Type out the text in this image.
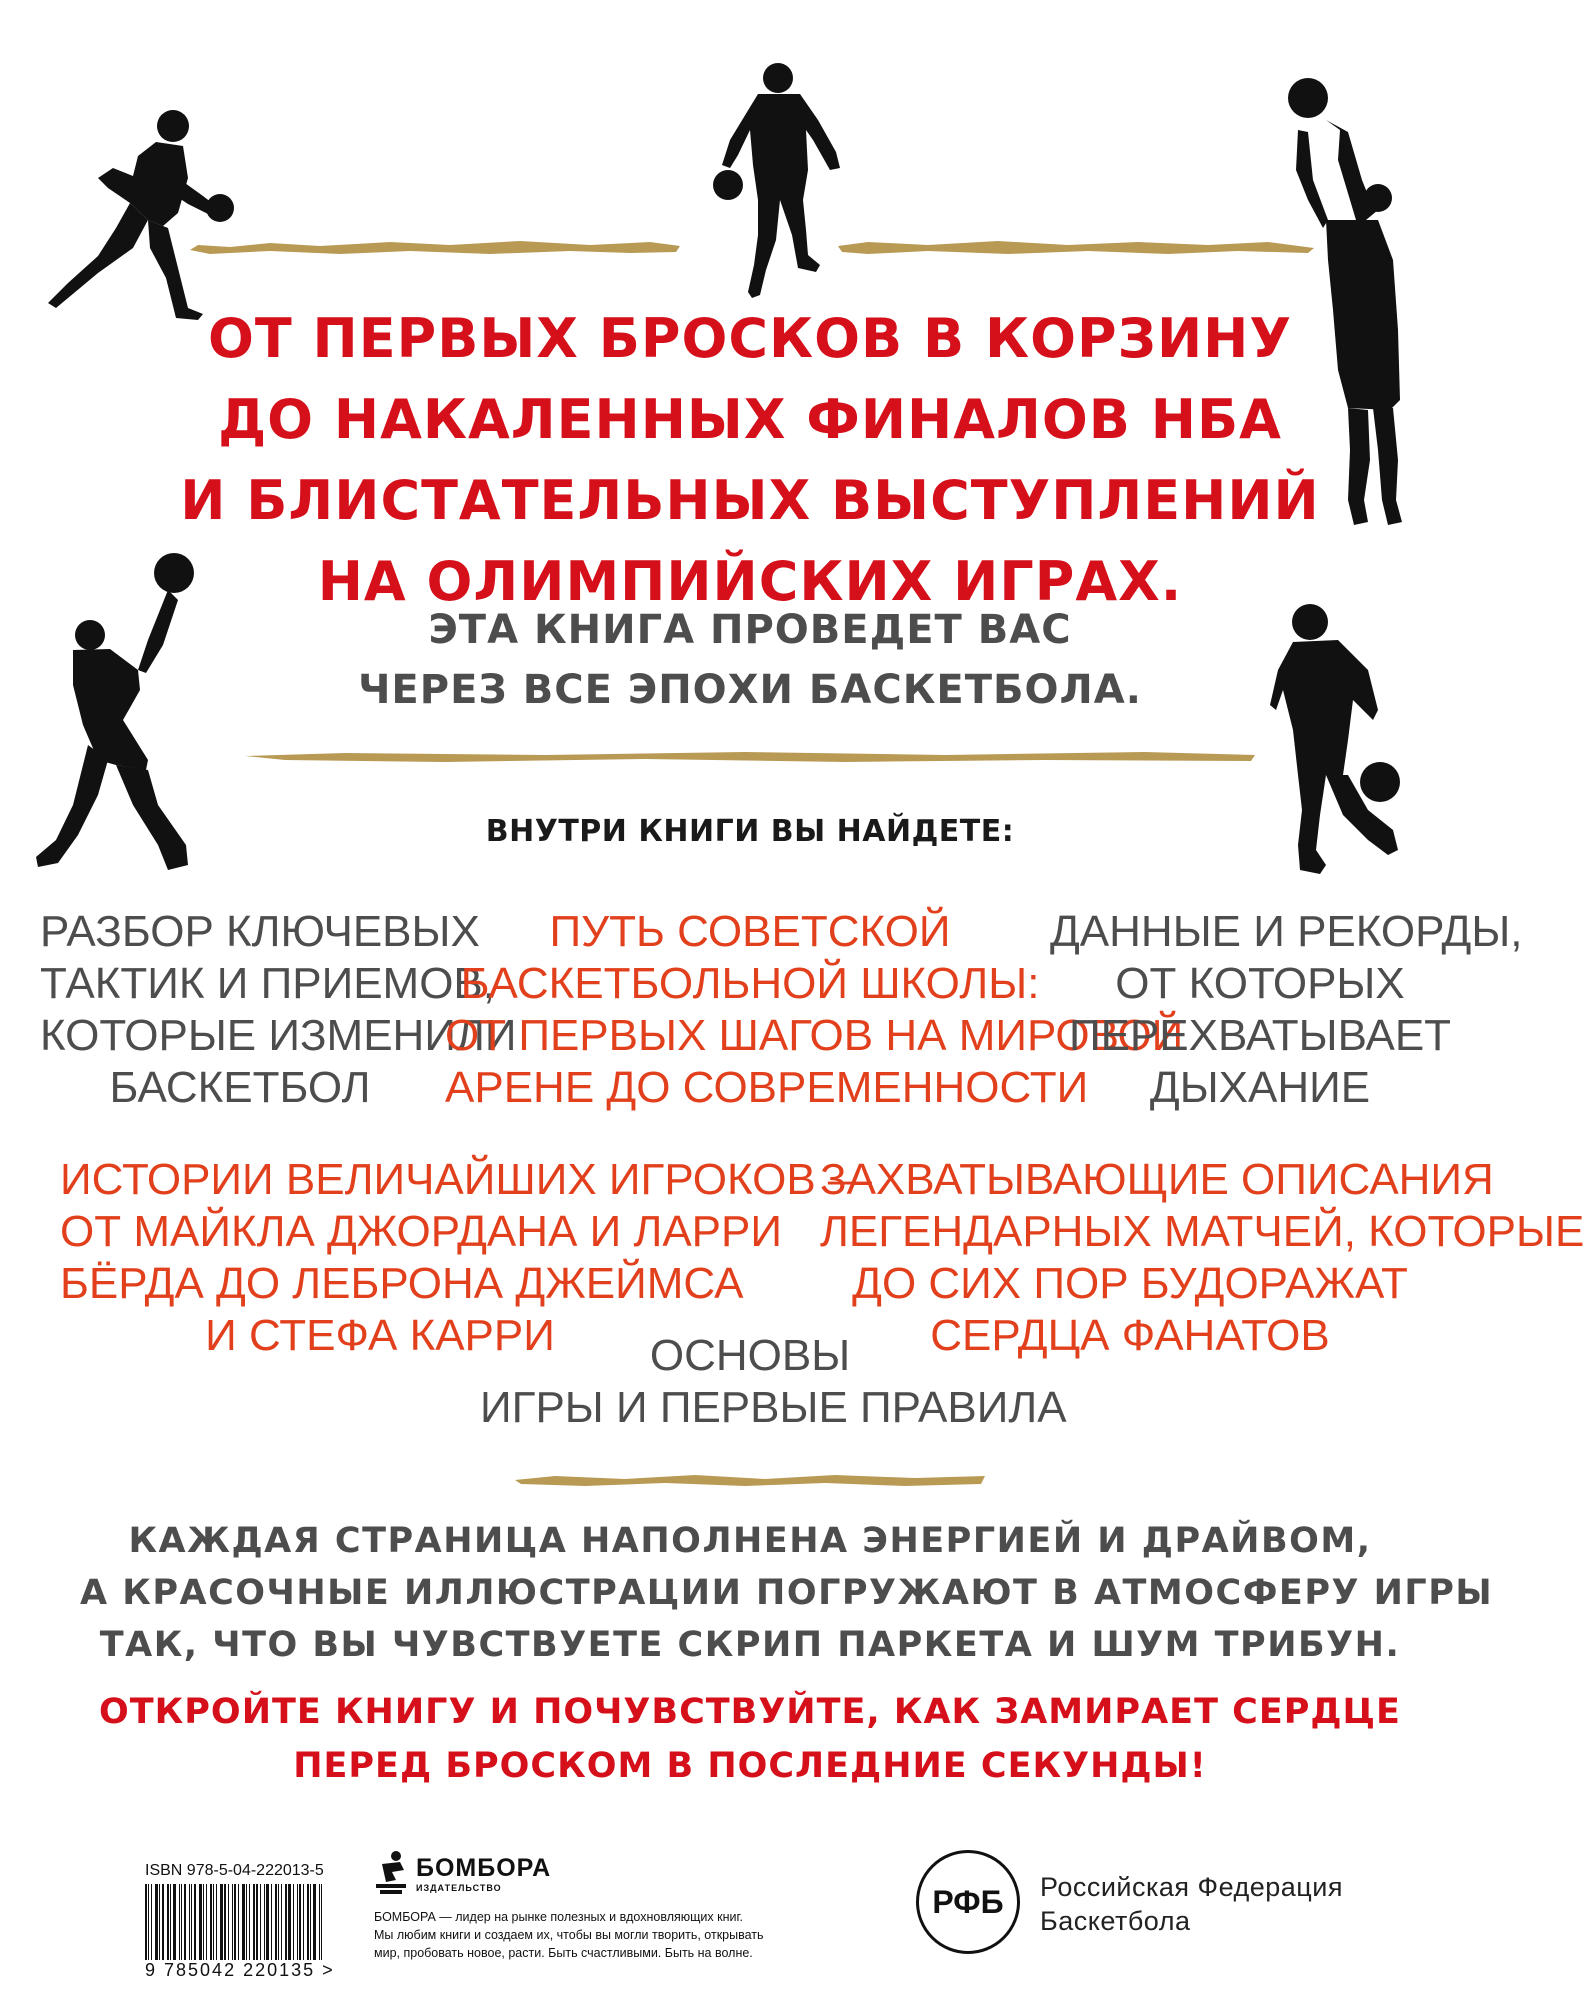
ОТ ПЕРВЫХ БРОСКОВ В КОРЗИНУ
ДО НАКАЛЕННЫХ ФИНАЛОВ НБА
И БЛИСТАТЕЛЬНЫХ ВЫСТУПЛЕНИЙ
НА ОЛИМПИЙСКИХ ИГРАХ.
ЭТА КНИГА ПРОВЕДЕТ ВАС
ЧЕРЕЗ ВСЕ ЭПОХИ БАСКЕТБОЛА.
ВНУТРИ КНИГИ ВЫ НАЙДЕТЕ:
РАЗБОР КЛЮЧЕВЫХ
ТАКТИК И ПРИЕМОВ,
КОТОРЫЕ ИЗМЕНИЛИ
БАСКЕТБОЛ
ПУТЬ СОВЕТСКОЙ
БАСКЕТБОЛЬНОЙ ШКОЛЫ:
ОТ ПЕРВЫХ ШАГОВ НА МИРОВОЙ
АРЕНЕ ДО СОВРЕМЕННОСТИ
ДАННЫЕ И РЕКОРДЫ,
ОТ КОТОРЫХ
ПЕРЕХВАТЫВАЕТ
ДЫХАНИЕ
ИСТОРИИ ВЕЛИЧАЙШИХ ИГРОКОВ —
ОТ МАЙКЛА ДЖОРДАНА И ЛАРРИ
БЁРДА ДО ЛЕБРОНА ДЖЕЙМСА
И СТЕФА КАРРИ
ЗАХВАТЫВАЮЩИЕ ОПИСАНИЯ
ЛЕГЕНДАРНЫХ МАТЧЕЙ, КОТОРЫЕ
ДО СИХ ПОР БУДОРАЖАТ
СЕРДЦА ФАНАТОВ
ОСНОВЫ
ИГРЫ И ПЕРВЫЕ ПРАВИЛА
КАЖДАЯ СТРАНИЦА НАПОЛНЕНА ЭНЕРГИЕЙ И ДРАЙВОМ,
А КРАСОЧНЫЕ ИЛЛЮСТРАЦИИ ПОГРУЖАЮТ В АТМОСФЕРУ ИГРЫ
ТАК, ЧТО ВЫ ЧУВСТВУЕТЕ СКРИП ПАРКЕТА И ШУМ ТРИБУН.
ОТКРОЙТЕ КНИГУ И ПОЧУВСТВУЙТЕ, КАК ЗАМИРАЕТ СЕРДЦЕ
ПЕРЕД БРОСКОМ В ПОСЛЕДНИЕ СЕКУНДЫ!
ISBN 978-5-04-222013-5
9 785042 220135 >
БОМБОРА
ИЗДАТЕЛЬСТВО
БОМБОРА — лидер на рынке полезных и вдохновляющих книг.
Мы любим книги и создаем их, чтобы вы могли творить, открывать
мир, пробовать новое, расти. Быть счастливыми. Быть на волне.
РФБ	Российская Федерация
Баскетбола
